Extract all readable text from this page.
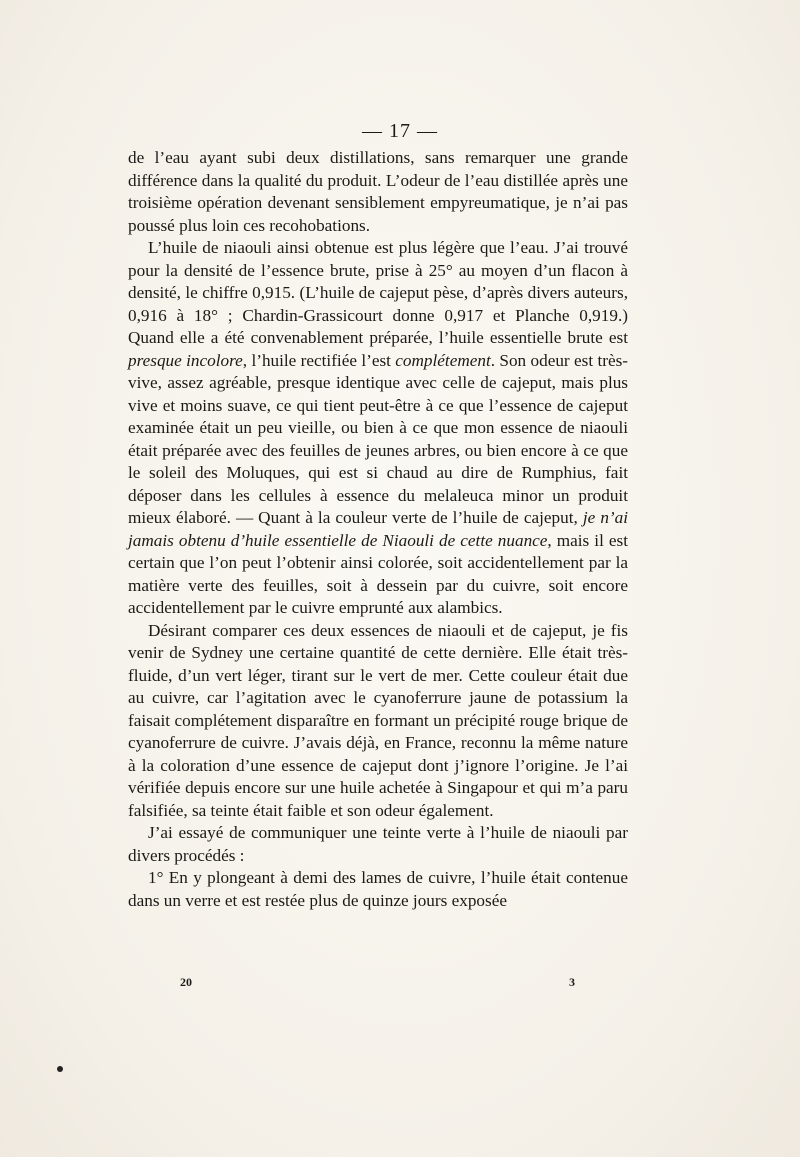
— 17 —

de l’eau ayant subi deux distillations, sans remarquer une grande différence dans la qualité du produit. L’odeur de l’eau distillée après une troisième opération devenant sensiblement empyreumatique, je n’ai pas poussé plus loin ces recohobations.

L’huile de niaouli ainsi obtenue est plus légère que l’eau. J’ai trouvé pour la densité de l’essence brute, prise à 25° au moyen d’un flacon à densité, le chiffre 0,915. (L’huile de cajeput pèse, d’après divers auteurs, 0,916 à 18° ; Chardin-Grassicourt donne 0,917 et Planche 0,919.) Quand elle a été convenablement préparée, l’huile essentielle brute est presque incolore, l’huile rectifiée l’est complétement. Son odeur est très-vive, assez agréable, presque identique avec celle de cajeput, mais plus vive et moins suave, ce qui tient peut-être à ce que l’essence de cajeput examinée était un peu vieille, ou bien à ce que mon essence de niaouli était préparée avec des feuilles de jeunes arbres, ou bien encore à ce que le soleil des Moluques, qui est si chaud au dire de Rumphius, fait déposer dans les cellules à essence du melaleuca minor un produit mieux élaboré. — Quant à la couleur verte de l’huile de cajeput, je n’ai jamais obtenu d’huile essentielle de Niaouli de cette nuance, mais il est certain que l’on peut l’obtenir ainsi colorée, soit accidentellement par la matière verte des feuilles, soit à dessein par du cuivre, soit encore accidentellement par le cuivre emprunté aux alambics.

Désirant comparer ces deux essences de niaouli et de cajeput, je fis venir de Sydney une certaine quantité de cette dernière. Elle était très-fluide, d’un vert léger, tirant sur le vert de mer. Cette couleur était due au cuivre, car l’agitation avec le cyanoferrure jaune de potassium la faisait complétement disparaître en formant un précipité rouge brique de cyanoferrure de cuivre. J’avais déjà, en France, reconnu la même nature à la coloration d’une essence de cajeput dont j’ignore l’origine. Je l’ai vérifiée depuis encore sur une huile achetée à Singapour et qui m’a paru falsifiée, sa teinte était faible et son odeur également.

J’ai essayé de communiquer une teinte verte à l’huile de niaouli par divers procédés :

1° En y plongeant à demi des lames de cuivre, l’huile était contenue dans un verre et est restée plus de quinze jours exposée

20	3
